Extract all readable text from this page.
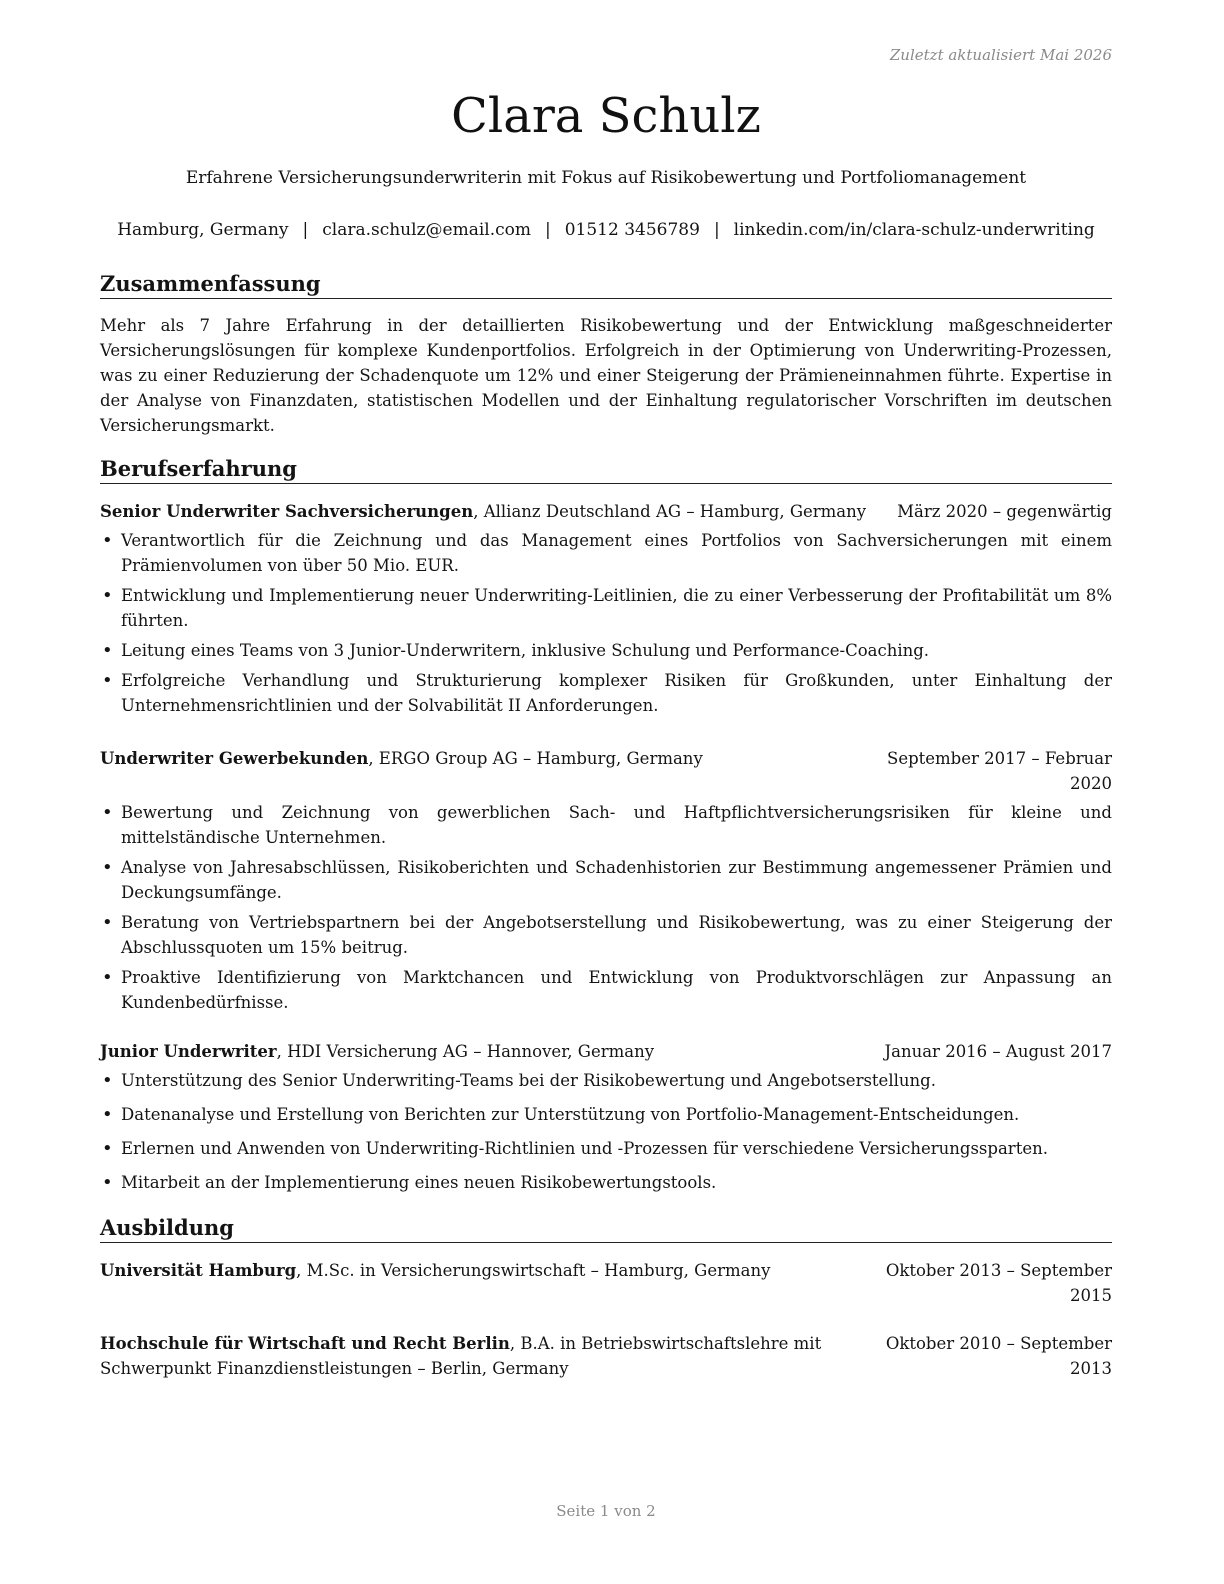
Zuletzt aktualisiert Mai 2026
Clara Schulz
Erfahrene Versicherungsunderwriterin mit Fokus auf Risikobewertung und Portfoliomanagement
Hamburg, Germany | clara.schulz@email.com | 01512 3456789 | linkedin.com/in/clara-schulz-underwriting
Zusammenfassung

Mehr als 7 Jahre Erfahrung in der detaillierten Risikobewertung und der Entwicklung maßgeschneiderter Versicherungslösungen für komplexe Kundenportfolios. Erfolgreich in der Optimierung von Underwriting-Prozessen, was zu einer Reduzierung der Schadenquote um 12% und einer Steigerung der Prämieneinnahmen führte. Expertise in der Analyse von Finanzdaten, statistischen Modellen und der Einhaltung regulatorischer Vorschriften im deutschen Versicherungsmarkt.

Berufserfahrung
Senior Underwriter Sachversicherungen, Allianz Deutschland AG – Hamburg, Germany März 2020 – gegenwärtig
• Verantwortlich für die Zeichnung und das Management eines Portfolios von Sachversicherungen mit einem Prämienvolumen von über 50 Mio. EUR.
• Entwicklung und Implementierung neuer Underwriting-Leitlinien, die zu einer Verbesserung der Profitabilität um 8% führten.
• Leitung eines Teams von 3 Junior-Underwritern, inklusive Schulung und Performance-Coaching.
• Erfolgreiche Verhandlung und Strukturierung komplexer Risiken für Großkunden, unter Einhaltung der Unternehmensrichtlinien und der Solvabilität II Anforderungen.
Underwriter Gewerbekunden, ERGO Group AG – Hamburg, Germany	September 2017 – Februar 2020
• Bewertung und Zeichnung von gewerblichen Sach- und Haftpflichtversicherungsrisiken für kleine und mittelständische Unternehmen.
• Analyse von Jahresabschlüssen, Risikoberichten und Schadenhistorien zur Bestimmung angemessener Prämien und Deckungsumfänge.
• Beratung von Vertriebspartnern bei der Angebotserstellung und Risikobewertung, was zu einer Steigerung der Abschlussquoten um 15% beitrug.
• Proaktive Identifizierung von Marktchancen und Entwicklung von Produktvorschlägen zur Anpassung an Kundenbedürfnisse.
Junior Underwriter, HDI Versicherung AG – Hannover, Germany	Januar 2016 – August 2017
• Unterstützung des Senior Underwriting-Teams bei der Risikobewertung und Angebotserstellung.
• Datenanalyse und Erstellung von Berichten zur Unterstützung von Portfolio-Management-Entscheidungen.
• Erlernen und Anwenden von Underwriting-Richtlinien und -Prozessen für verschiedene Versicherungssparten.
• Mitarbeit an der Implementierung eines neuen Risikobewertungstools.
Ausbildung
Universität Hamburg, M.Sc. in Versicherungswirtschaft – Hamburg, Germany	Oktober 2013 – September 2015
Hochschule für Wirtschaft und Recht Berlin, B.A. in Betriebswirtschaftslehre mit Schwerpunkt Finanzdienstleistungen – Berlin, Germany
Oktober 2010 – September 2013
Seite 1 von 2
